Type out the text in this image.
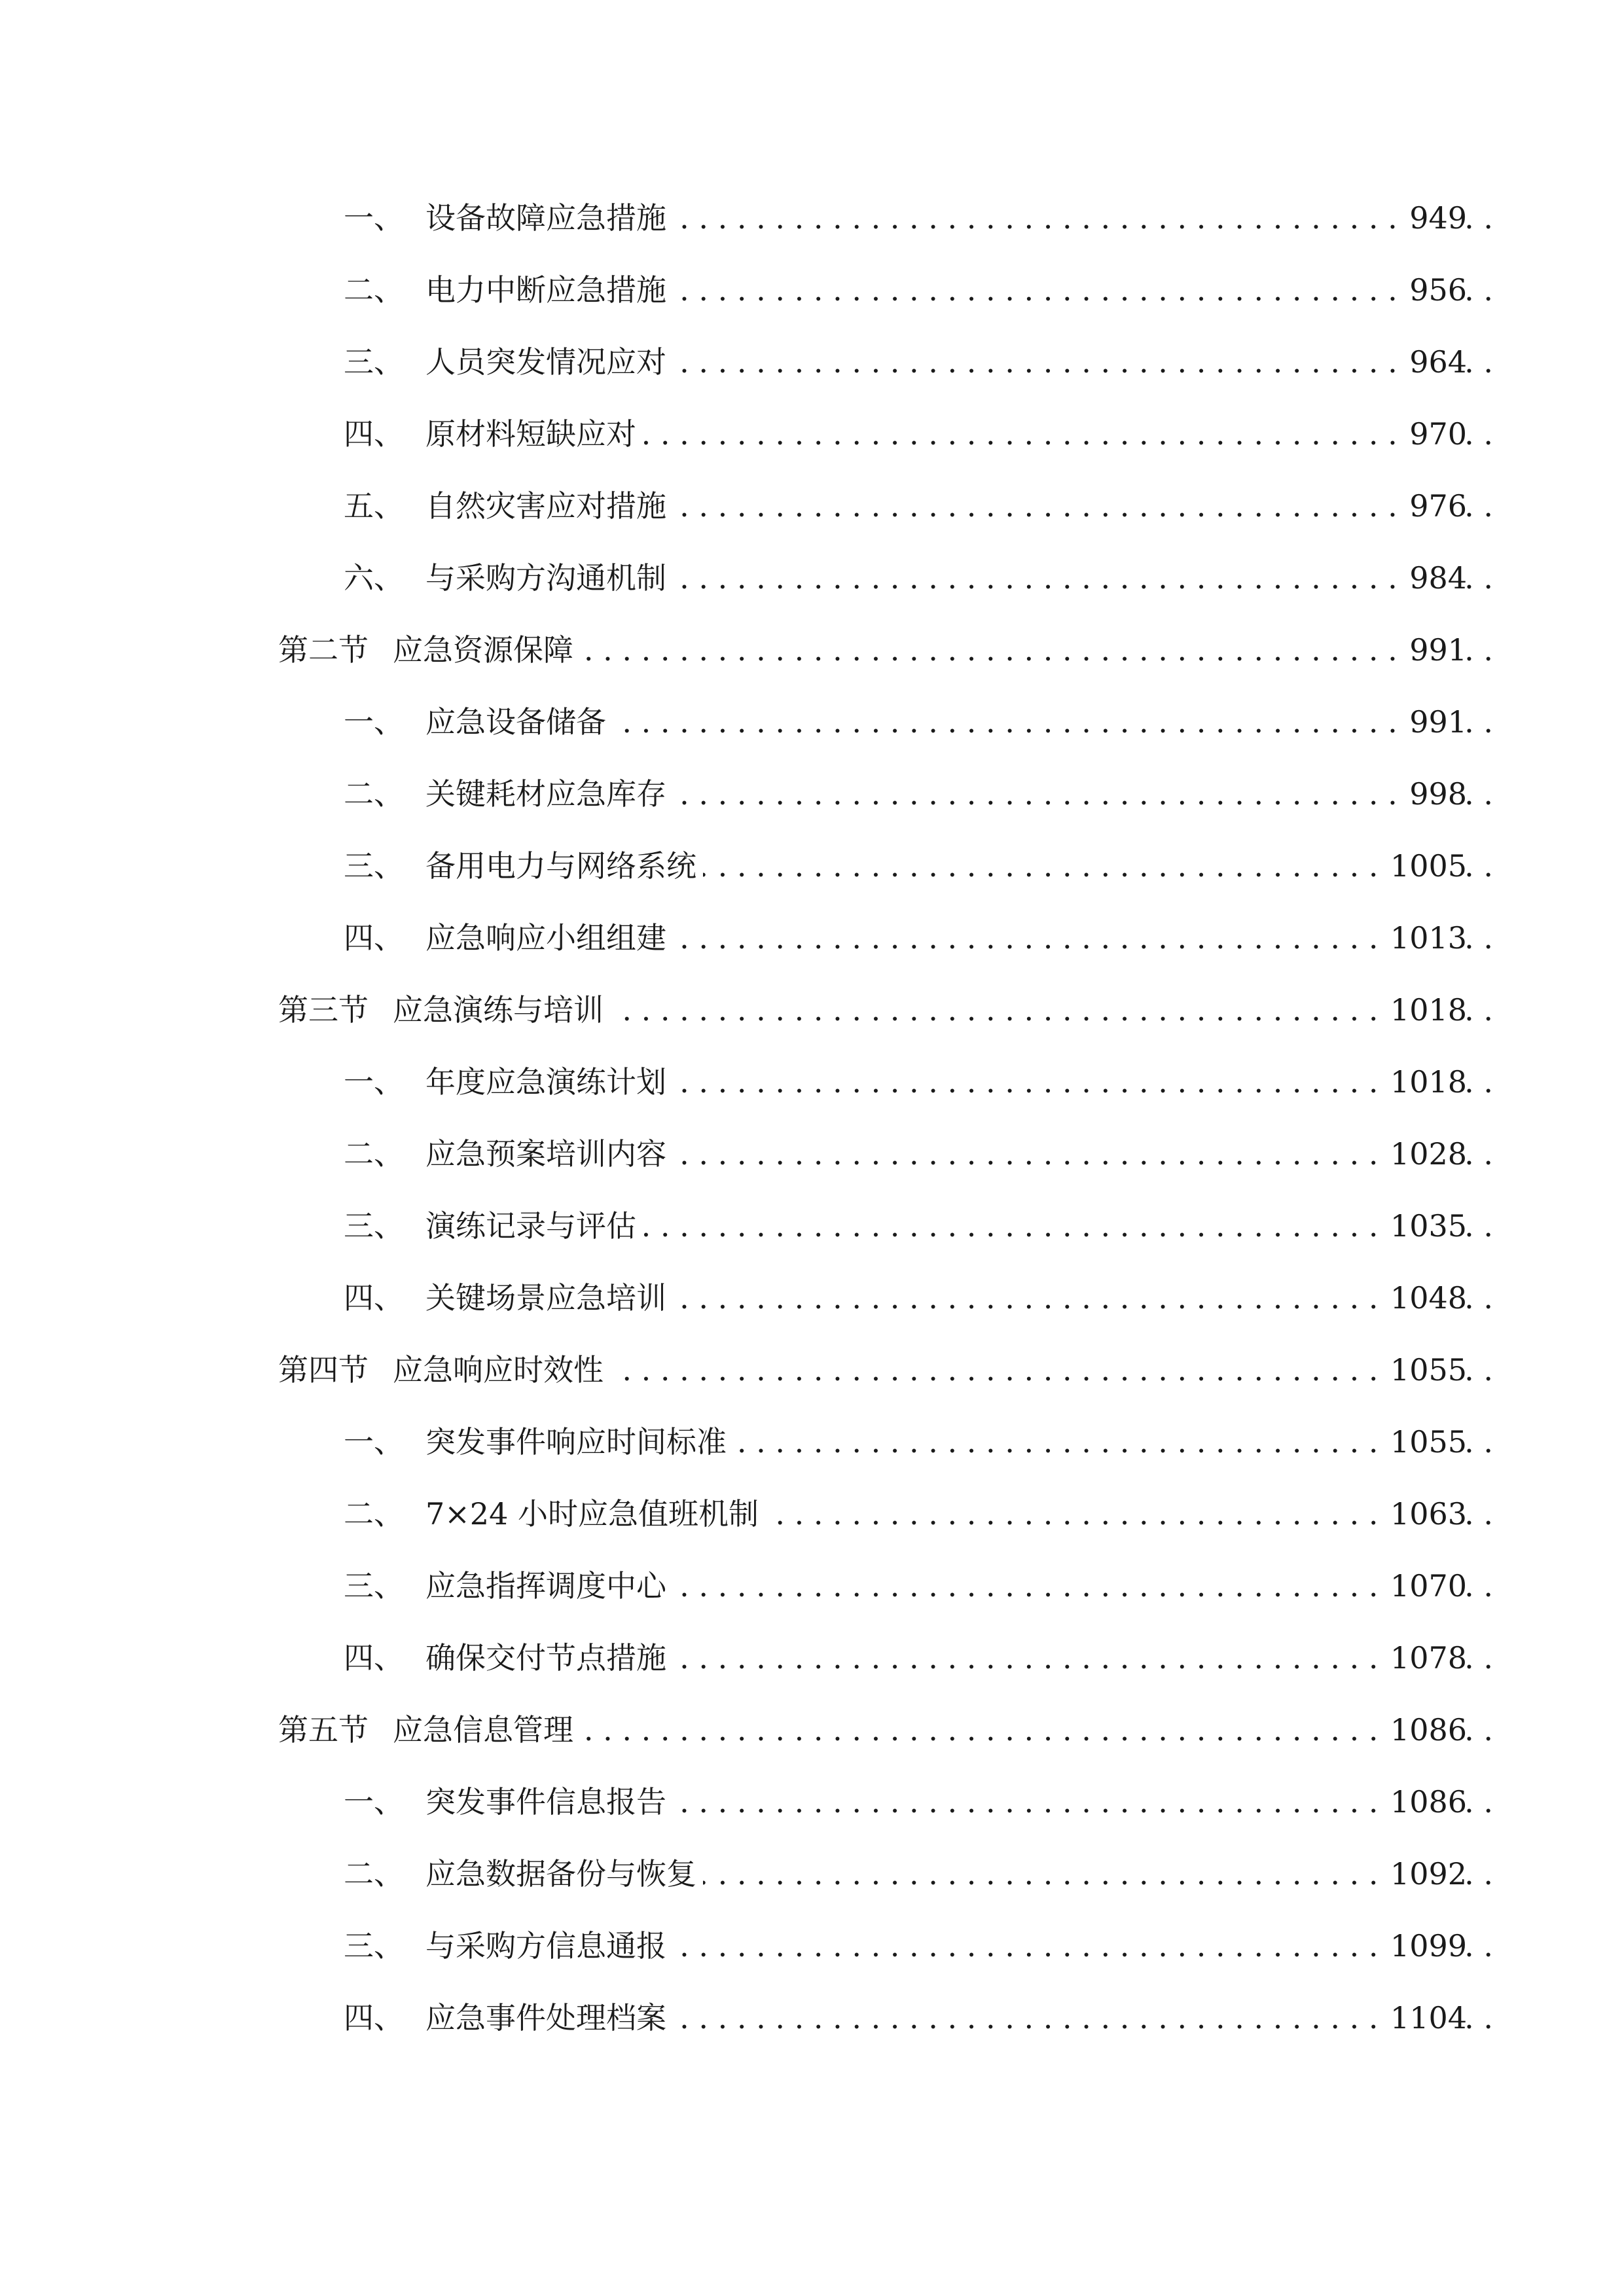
一、 . . . 设备故障应急措施	949
二、 . . . 电力中断应急措施	956
三、 . . . 人员突发情况应对	964
四、 . . . 原材料短缺应对	970
五、 . . . 自然灾害应对措施	976
六、 . . . 与采购方沟通机制	984
第二节 . . . 应急资源保障	991
一、 . . . 应急设备储备	991
二、 . . . 关键耗材应急库存	998
三、 . . . 备用电力与网络系统	1005
四、 . . . 应急响应小组组建	1013
第三节 . . . 应急演练与培训	1018
一、 . . . 年度应急演练计划	1018
二、 . . . 应急预案培训内容	1028
三、 . . . 演练记录与评估	1035
四、 . . . 关键场景应急培训	1048
第四节 . . . 应急响应时效性	1055
一、 . . . 突发事件响应时间标准	1055
二、 . . . 7×24 小时应急值班机制	1063
三、 . . . 应急指挥调度中心	1070
四、 . . . 确保交付节点措施	1078
第五节 . . . 应急信息管理	1086
一、 . . . 突发事件信息报告	1086
二、 . . . 应急数据备份与恢复	1092
三、 . . . 与采购方信息通报	1099
四、 . . . 应急事件处理档案	1104
